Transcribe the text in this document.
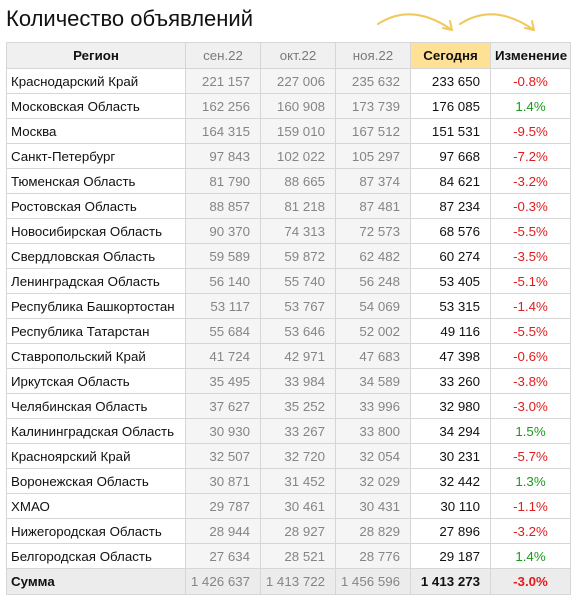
Количество объявлений
Регион	сен.22	окт.22	ноя.22	Сегодня	Изменение
Краснодарский Край	221 157	227 006	235 632	233 650	-0.8%
Московская Область	162 256	160 908	173 739	176 085	1.4%
Москва	164 315	159 010	167 512	151 531	-9.5%
Санкт-Петербург	97 843	102 022	105 297	97 668	-7.2%
Тюменская Область	81 790	88 665	87 374	84 621	-3.2%
Ростовская Область	88 857	81 218	87 481	87 234	-0.3%
Новосибирская Область	90 370	74 313	72 573	68 576	-5.5%
Свердловская Область	59 589	59 872	62 482	60 274	-3.5%
Ленинградская Область	56 140	55 740	56 248	53 405	-5.1%
Республика Башкортостан	53 117	53 767	54 069	53 315	-1.4%
Республика Татарстан	55 684	53 646	52 002	49 116	-5.5%
Ставропольский Край	41 724	42 971	47 683	47 398	-0.6%
Иркутская Область	35 495	33 984	34 589	33 260	-3.8%
Челябинская Область	37 627	35 252	33 996	32 980	-3.0%
Калининградская Область	30 930	33 267	33 800	34 294	1.5%
Красноярский Край	32 507	32 720	32 054	30 231	-5.7%
Воронежская Область	30 871	31 452	32 029	32 442	1.3%
ХМАО	29 787	30 461	30 431	30 110	-1.1%
Нижегородская Область	28 944	28 927	28 829	27 896	-3.2%
Белгородская Область	27 634	28 521	28 776	29 187	1.4%
Сумма	1 426 637	1 413 722	1 456 596	1 413 273	-3.0%
